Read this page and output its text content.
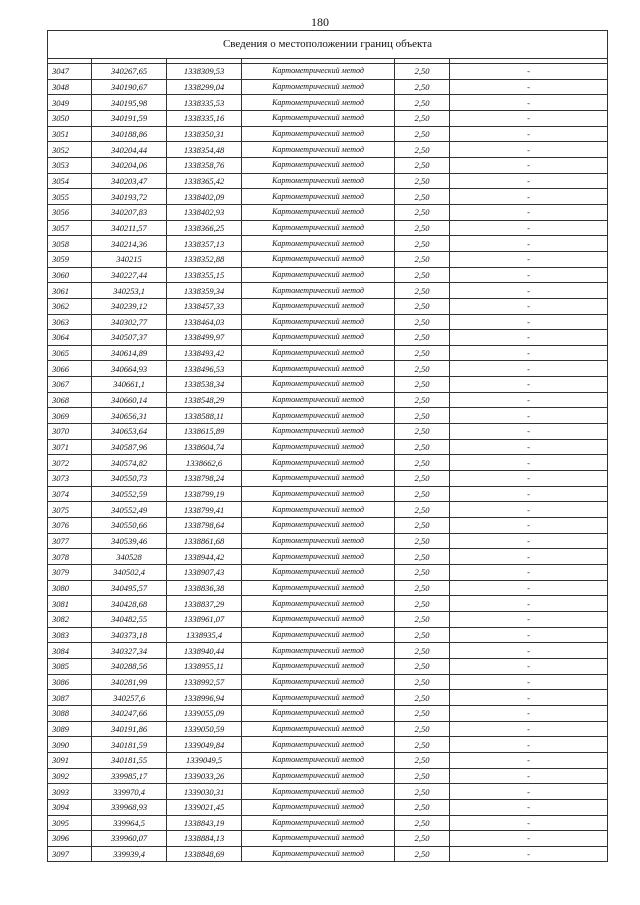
180
Сведения о местоположении границ объекта					

3047	340267,65	1338309,53	Картометрический метод	2,50	-
3048	340190,67	1338299,04	Картометрический метод	2,50	-
3049	340195,98	1338335,53	Картометрический метод	2,50	-
3050	340191,59	1338335,16	Картометрический метод	2,50	-
3051	340188,86	1338350,31	Картометрический метод	2,50	-
3052	340204,44	1338354,48	Картометрический метод	2,50	-
3053	340204,06	1338358,76	Картометрический метод	2,50	-
3054	340203,47	1338365,42	Картометрический метод	2,50	-
3055	340193,72	1338402,09	Картометрический метод	2,50	-
3056	340207,83	1338402,93	Картометрический метод	2,50	-
3057	340211,57	1338366,25	Картометрический метод	2,50	-
3058	340214,36	1338357,13	Картометрический метод	2,50	-
3059	340215	1338352,88	Картометрический метод	2,50	-
3060	340227,44	1338355,15	Картометрический метод	2,50	-
3061	340253,1	1338359,34	Картометрический метод	2,50	-
3062	340239,12	1338457,33	Картометрический метод	2,50	-
3063	340302,77	1338464,03	Картометрический метод	2,50	-
3064	340507,37	1338499,97	Картометрический метод	2,50	-
3065	340614,89	1338493,42	Картометрический метод	2,50	-
3066	340664,93	1338496,53	Картометрический метод	2,50	-
3067	340661,1	1338538,34	Картометрический метод	2,50	-
3068	340660,14	1338548,29	Картометрический метод	2,50	-
3069	340656,31	1338588,11	Картометрический метод	2,50	-
3070	340653,64	1338615,89	Картометрический метод	2,50	-
3071	340587,96	1338604,74	Картометрический метод	2,50	-
3072	340574,82	1338662,6	Картометрический метод	2,50	-
3073	340550,73	1338798,24	Картометрический метод	2,50	-
3074	340552,59	1338799,19	Картометрический метод	2,50	-
3075	340552,49	1338799,41	Картометрический метод	2,50	-
3076	340550,66	1338798,64	Картометрический метод	2,50	-
3077	340539,46	1338861,68	Картометрический метод	2,50	-
3078	340528	1338944,42	Картометрический метод	2,50	-
3079	340502,4	1338907,43	Картометрический метод	2,50	-
3080	340495,57	1338836,38	Картометрический метод	2,50	-
3081	340428,68	1338837,29	Картометрический метод	2,50	-
3082	340482,55	1338961,07	Картометрический метод	2,50	-
3083	340373,18	1338935,4	Картометрический метод	2,50	-
3084	340327,34	1338940,44	Картометрический метод	2,50	-
3085	340288,56	1338955,11	Картометрический метод	2,50	-
3086	340281,99	1338992,57	Картометрический метод	2,50	-
3087	340257,6	1338996,94	Картометрический метод	2,50	-
3088	340247,66	1339055,09	Картометрический метод	2,50	-
3089	340191,86	1339050,59	Картометрический метод	2,50	-
3090	340181,59	1339049,84	Картометрический метод	2,50	-
3091	340181,55	1339049,5	Картометрический метод	2,50	-
3092	339985,17	1339033,26	Картометрический метод	2,50	-
3093	339970,4	1339030,31	Картометрический метод	2,50	-
3094	339968,93	1339021,45	Картометрический метод	2,50	-
3095	339964,5	1338843,19	Картометрический метод	2,50	-
3096	339960,07	1338884,13	Картометрический метод	2,50	-
3097	339939,4	1338848,69	Картометрический метод	2,50	-
